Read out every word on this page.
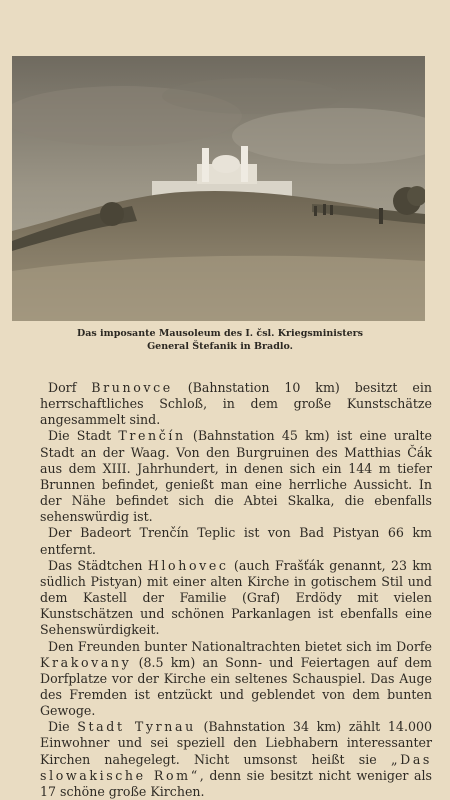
Das imposante Mausoleum des I. čsl. Kriegsministers
General Štefanik in Bradlo.

Dorf Brunovce (Bahnstation 10 km) besitzt ein herrschaftliches Schloß, in dem große Kunstschätze angesammelt sind.

Die Stadt Trenčín (Bahnstation 45 km) ist eine uralte Stadt an der Waag. Von den Burgruinen des Matthias Čák aus dem XIII. Jahrhundert, in denen sich ein 144 m tiefer Brunnen befindet, genießt man eine herrliche Aussicht. In der Nähe befindet sich die Abtei Skalka, die ebenfalls sehenswürdig ist.

Der Badeort Trenčín Teplic ist von Bad Pistyan 66 km entfernt.

Das Städtchen Hlohovec (auch Frašťák genannt, 23 km südlich Pistyan) mit einer alten Kirche in gotischem Stil und dem Kastell der Familie (Graf) Erdödy mit vielen Kunstschätzen und schönen Parkanlagen ist ebenfalls eine Sehenswürdigkeit.

Den Freunden bunter Nationaltrachten bietet sich im Dorfe Krakovany (8.5 km) an Sonn- und Feiertagen auf dem Dorfplatze vor der Kirche ein seltenes Schauspiel. Das Auge des Fremden ist entzückt und geblendet von dem bunten Gewoge.

Die Stadt Tyrnau (Bahnstation 34 km) zählt 14.000 Einwohner und sei speziell den Liebhabern interessanter Kirchen nahegelegt. Nicht umsonst heißt sie „Das slowakische Rom“, denn sie besitzt nicht weniger als 17 schöne große Kirchen.
